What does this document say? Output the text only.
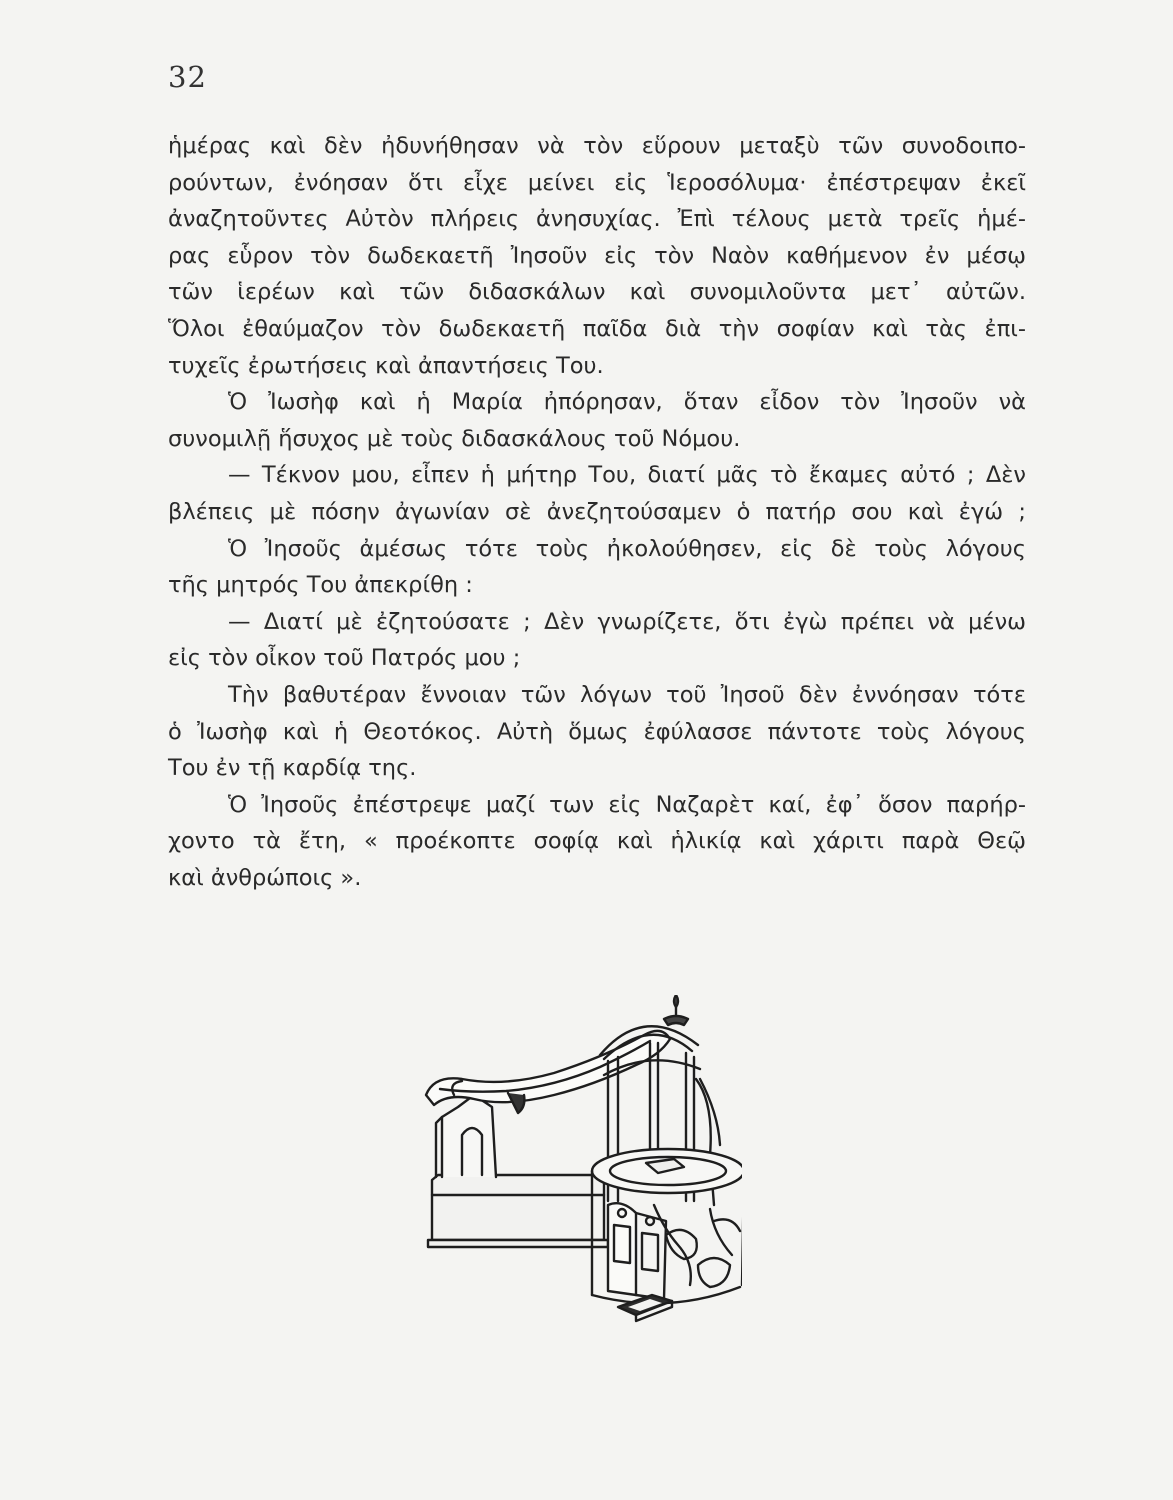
32
ἡμέρας καὶ δὲν ἠδυνήθησαν νὰ τὸν εὕρουν μεταξὺ τῶν συνοδοιπο-
ρούντων, ἐνόησαν ὅτι εἶχε μείνει εἰς Ἱεροσόλυμα· ἐπέστρεψαν ἐκεῖ
ἀναζητοῦντες Αὐτὸν πλήρεις ἀνησυχίας. Ἐπὶ τέλους μετὰ τρεῖς ἡμέ-
ρας εὗρον τὸν δωδεκαετῆ Ἰησοῦν εἰς τὸν Ναὸν καθήμενον ἐν μέσῳ
τῶν ἱερέων καὶ τῶν διδασκάλων καὶ συνομιλοῦντα μετ᾿ αὐτῶν.
Ὅλοι ἐθαύμαζον τὸν δωδεκαετῆ παῖδα διὰ τὴν σοφίαν καὶ τὰς ἐπι-
τυχεῖς ἐρωτήσεις καὶ ἀπαντήσεις Του.
Ὁ Ἰωσὴφ καὶ ἡ Μαρία ἠπόρησαν, ὅταν εἶδον τὸν Ἰησοῦν νὰ
συνομιλῇ ἥσυχος μὲ τοὺς διδασκάλους τοῦ Νόμου.
— Τέκνον μου, εἶπεν ἡ μήτηρ Του, διατί μᾶς τὸ ἔκαμες αὐτό ; Δὲν
βλέπεις μὲ πόσην ἀγωνίαν σὲ ἀνεζητούσαμεν ὁ πατήρ σου καὶ ἐγώ ;
Ὁ Ἰησοῦς ἀμέσως τότε τοὺς ἠκολούθησεν, εἰς δὲ τοὺς λόγους
τῆς μητρός Του ἀπεκρίθη :
— Διατί μὲ ἐζητούσατε ; Δὲν γνωρίζετε, ὅτι ἐγὼ πρέπει νὰ μένω
εἰς τὸν οἶκον τοῦ Πατρός μου ;
Τὴν βαθυτέραν ἔννοιαν τῶν λόγων τοῦ Ἰησοῦ δὲν ἐννόησαν τότε
ὁ Ἰωσὴφ καὶ ἡ Θεοτόκος. Αὐτὴ ὅμως ἐφύλασσε πάντοτε τοὺς λόγους
Του ἐν τῇ καρδίᾳ της.
Ὁ Ἰησοῦς ἐπέστρεψε μαζί των εἰς Ναζαρὲτ καί, ἐφ᾿ ὅσον παρήρ-
χοντο τὰ ἔτη, « προέκοπτε σοφίᾳ καὶ ἡλικίᾳ καὶ χάριτι παρὰ Θεῷ
καὶ ἀνθρώποις ».
